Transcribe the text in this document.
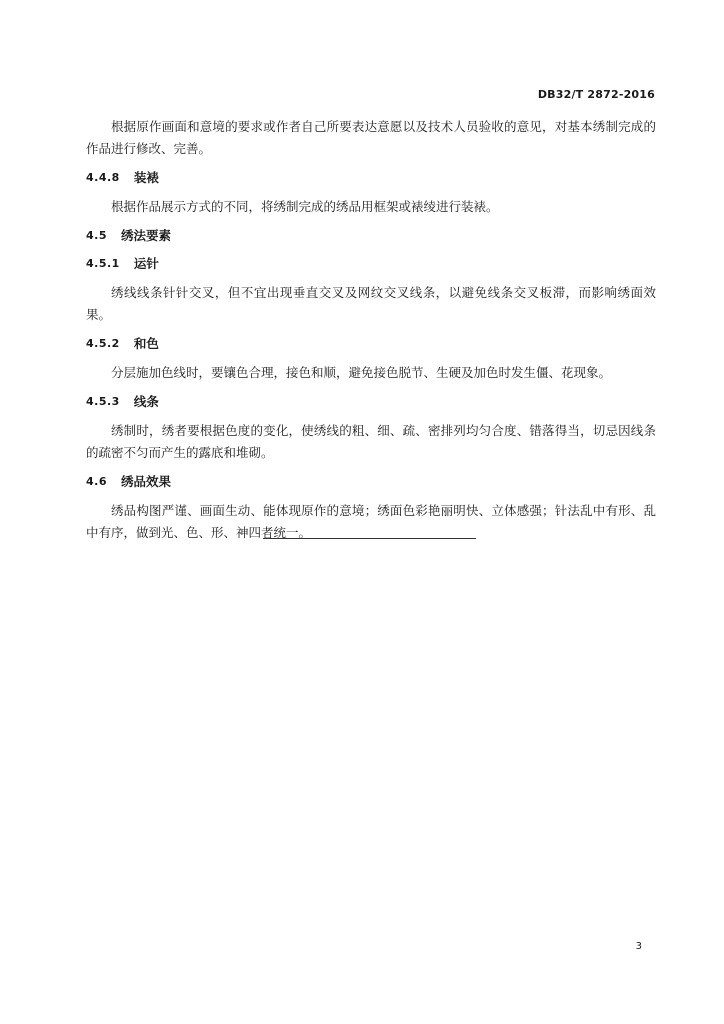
DB32/T 2872-2016

根据原作画面和意境的要求或作者自己所要表达意愿以及技术人员验收的意见，对基本绣制完成的作品进行修改、完善。

4.4.8 装裱

根据作品展示方式的不同，将绣制完成的绣品用框架或裱绫进行装裱。

4.5 绣法要素
4.5.1 运针

绣线线条针针交叉，但不宜出现垂直交叉及网纹交叉线条，以避免线条交叉板滞，而影响绣面效果。

4.5.2 和色

分层施加色线时，要镶色合理，接色和顺，避免接色脱节、生硬及加色时发生僵、花现象。

4.5.3 线条

绣制时，绣者要根据色度的变化，使绣线的粗、细、疏、密排列均匀合度、错落得当，切忌因线条的疏密不匀而产生的露底和堆砌。

4.6 绣品效果

绣品构图严谨、画面生动、能体现原作的意境；绣面色彩艳丽明快、立体感强；针法乱中有形、乱中有序，做到光、色、形、神四者统一。

3
